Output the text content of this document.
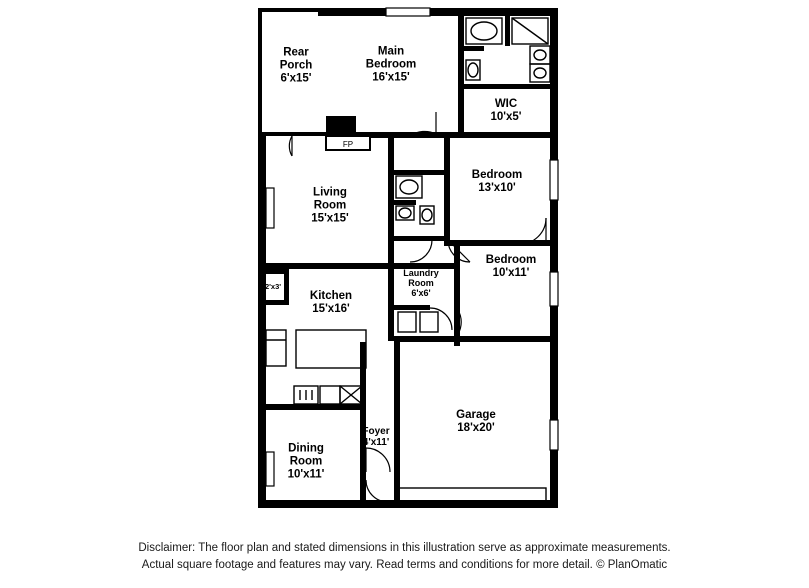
FP
Rear
Porch
6'x15'
Main
Bedroom
16'x15'
WIC
10'x5'
Bedroom
13'x10'
Living
Room
15'x15'
Bedroom
10'x11'
Laundry
Room
6'x6'
2'x3'
Kitchen
15'x16'
Garage
18'x20'
Foyer
4'x11'
Dining
Room
10'x11'
Disclaimer: The floor plan and stated dimensions in this illustration serve as approximate measurements.
Actual square footage and features may vary. Read terms and conditions for more detail. © PlanOmatic
